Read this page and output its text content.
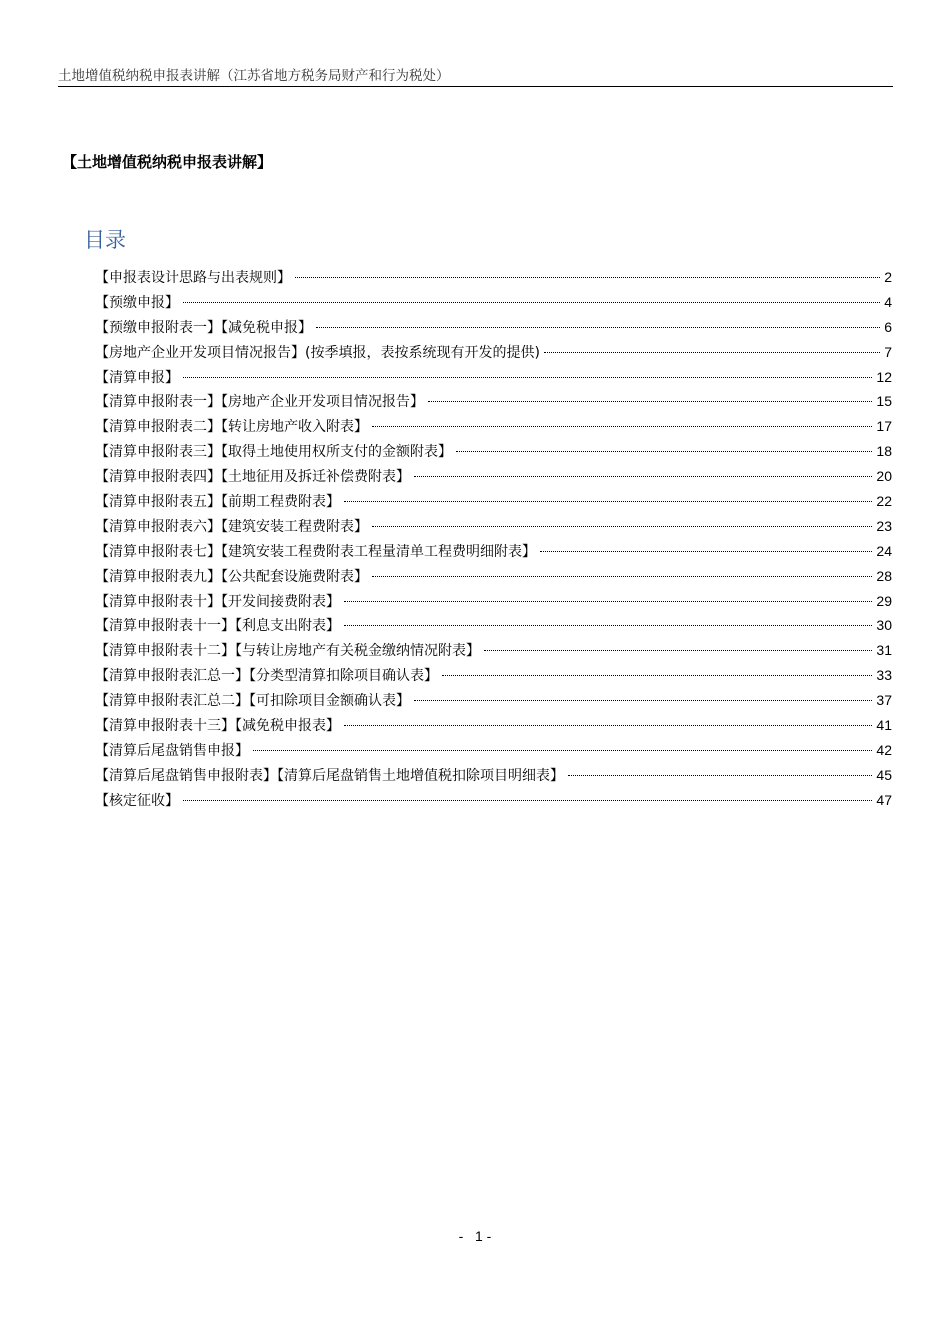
土地增值税纳税申报表讲解（江苏省地方税务局财产和行为税处）
【土地增值税纳税申报表讲解】
目录
【申报表设计思路与出表规则】	2
【预缴申报】	4
【预缴申报附表一】【减免税申报】	6
【房地产企业开发项目情况报告】(按季填报，表按系统现有开发的提供)	7
【清算申报】	12
【清算申报附表一】【房地产企业开发项目情况报告】	15
【清算申报附表二】【转让房地产收入附表】	17
【清算申报附表三】【取得土地使用权所支付的金额附表】	18
【清算申报附表四】【土地征用及拆迁补偿费附表】	20
【清算申报附表五】【前期工程费附表】	22
【清算申报附表六】【建筑安装工程费附表】	23
【清算申报附表七】【建筑安装工程费附表工程量清单工程费明细附表】	24
【清算申报附表九】【公共配套设施费附表】	28
【清算申报附表十】【开发间接费附表】	29
【清算申报附表十一】【利息支出附表】	30
【清算申报附表十二】【与转让房地产有关税金缴纳情况附表】	31
【清算申报附表汇总一】【分类型清算扣除项目确认表】	33
【清算申报附表汇总二】【可扣除项目金额确认表】	37
【清算申报附表十三】【减免税申报表】	41
【清算后尾盘销售申报】	42
【清算后尾盘销售申报附表】【清算后尾盘销售土地增值税扣除项目明细表】	45
【核定征收】	47
-   1 -
